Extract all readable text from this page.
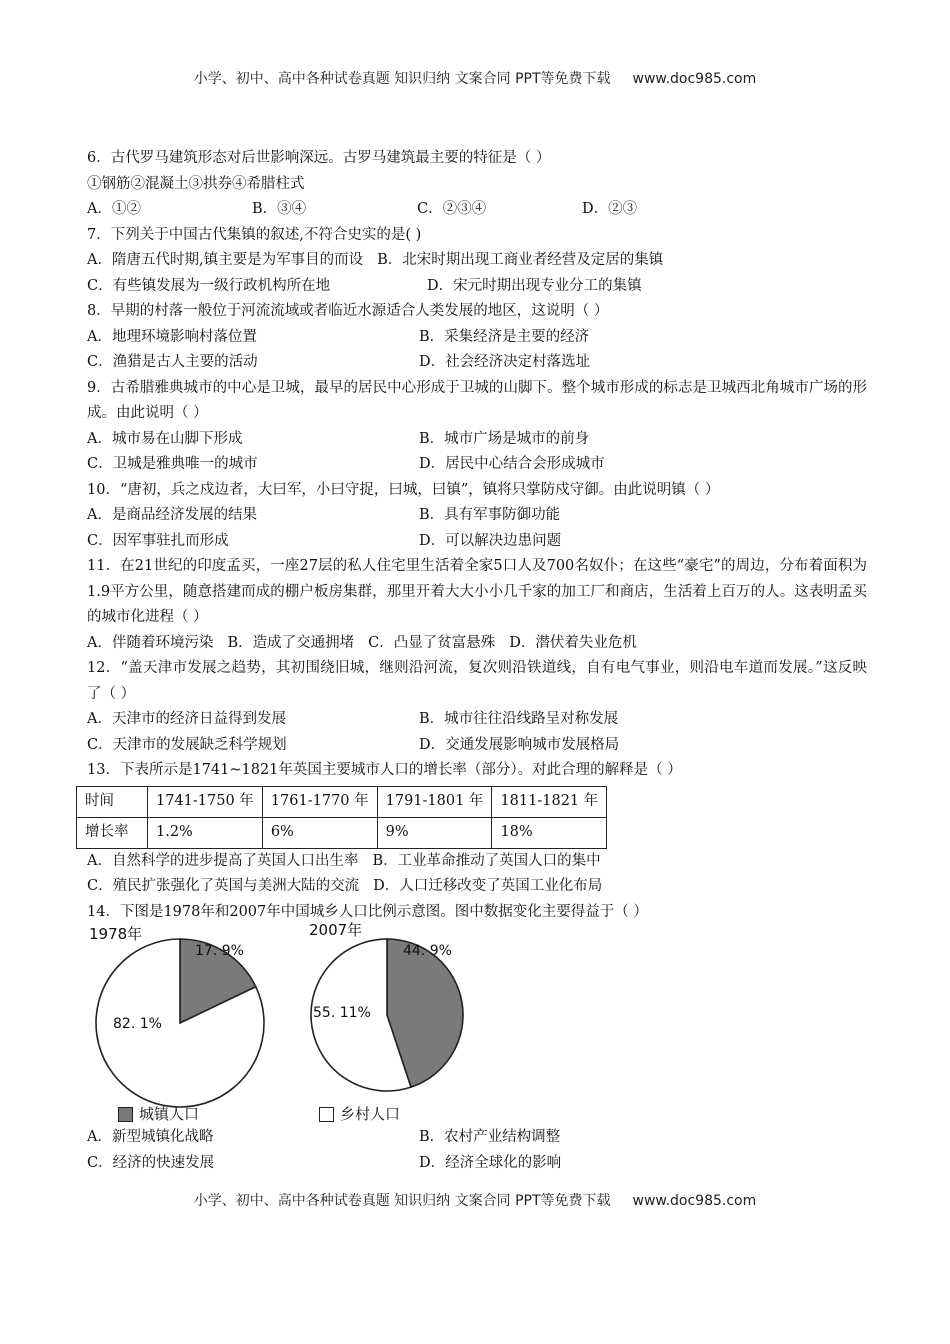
小学、初中、高中各种试卷真题 知识归纳 文案合同 PPT等免费下载 www.doc985.com
6．古代罗马建筑形态对后世影响深远。古罗马建筑最主要的特征是（ ）
①钢筋②混凝土③拱券④希腊柱式
A．①②	B．③④	C．②③④	D．②③
7．下列关于中国古代集镇的叙述,不符合史实的是( )
A．隋唐五代时期,镇主要是为军事目的而设 B．北宋时期出现工商业者经营及定居的集镇
C．有些镇发展为一级行政机构所在地	D．宋元时期出现专业分工的集镇
8．早期的村落一般位于河流流域或者临近水源适合人类发展的地区，这说明（ ）
A．地理环境影响村落位置	B．采集经济是主要的经济
C．渔猎是古人主要的活动	D．社会经济决定村落选址
9．古希腊雅典城市的中心是卫城，最早的居民中心形成于卫城的山脚下。整个城市形成的标志是卫城西北角城市广场的形成。由此说明（ ）
A．城市易在山脚下形成	B．城市广场是城市的前身
C．卫城是雅典唯一的城市	D．居民中心结合会形成城市
10．“唐初，兵之戍边者，大曰军，小曰守捉，曰城，曰镇”，镇将只掌防戍守御。由此说明镇（ ）
A．是商品经济发展的结果	B．具有军事防御功能
C．因军事驻扎而形成	D．可以解决边患问题
11．在21世纪的印度孟买，一座27层的私人住宅里生活着全家5口人及700名奴仆；在这些“豪宅”的周边，分布着面积为1.9平方公里，随意搭建而成的棚户板房集群，那里开着大大小小几千家的加工厂和商店，生活着上百万的人。这表明孟买的城市化进程（ ）
A．伴随着环境污染 B．造成了交通拥堵 C．凸显了贫富悬殊 D．潜伏着失业危机
12．“盖天津市发展之趋势，其初围绕旧城，继则沿河流，复次则沿铁道线，自有电气事业，则沿电车道而发展。”这反映了（ ）
A．天津市的经济日益得到发展	B．城市往往沿线路呈对称发展
C．天津市的发展缺乏科学规划	D．交通发展影响城市发展格局
13．下表所示是1741~1821年英国主要城市人口的增长率（部分）。对此合理的解释是（ ）
时间	1741-1750 年	1761-1770 年	1791-1801 年	1811-1821 年
增长率	1.2%	6%	9%	18%
A．自然科学的进步提高了英国人口出生率 B．工业革命推动了英国人口的集中
C．殖民扩张强化了英国与美洲大陆的交流 D．人口迁移改变了英国工业化布局
14．下图是1978年和2007年中国城乡人口比例示意图。图中数据变化主要得益于（ ）
1978年	2007年
17. 9%
82. 1%
44. 9%
55. 11%
城镇人口	乡村人口
A．新型城镇化战略	B．农村产业结构调整
C．经济的快速发展	D．经济全球化的影响
小学、初中、高中各种试卷真题 知识归纳 文案合同 PPT等免费下载 www.doc985.com
